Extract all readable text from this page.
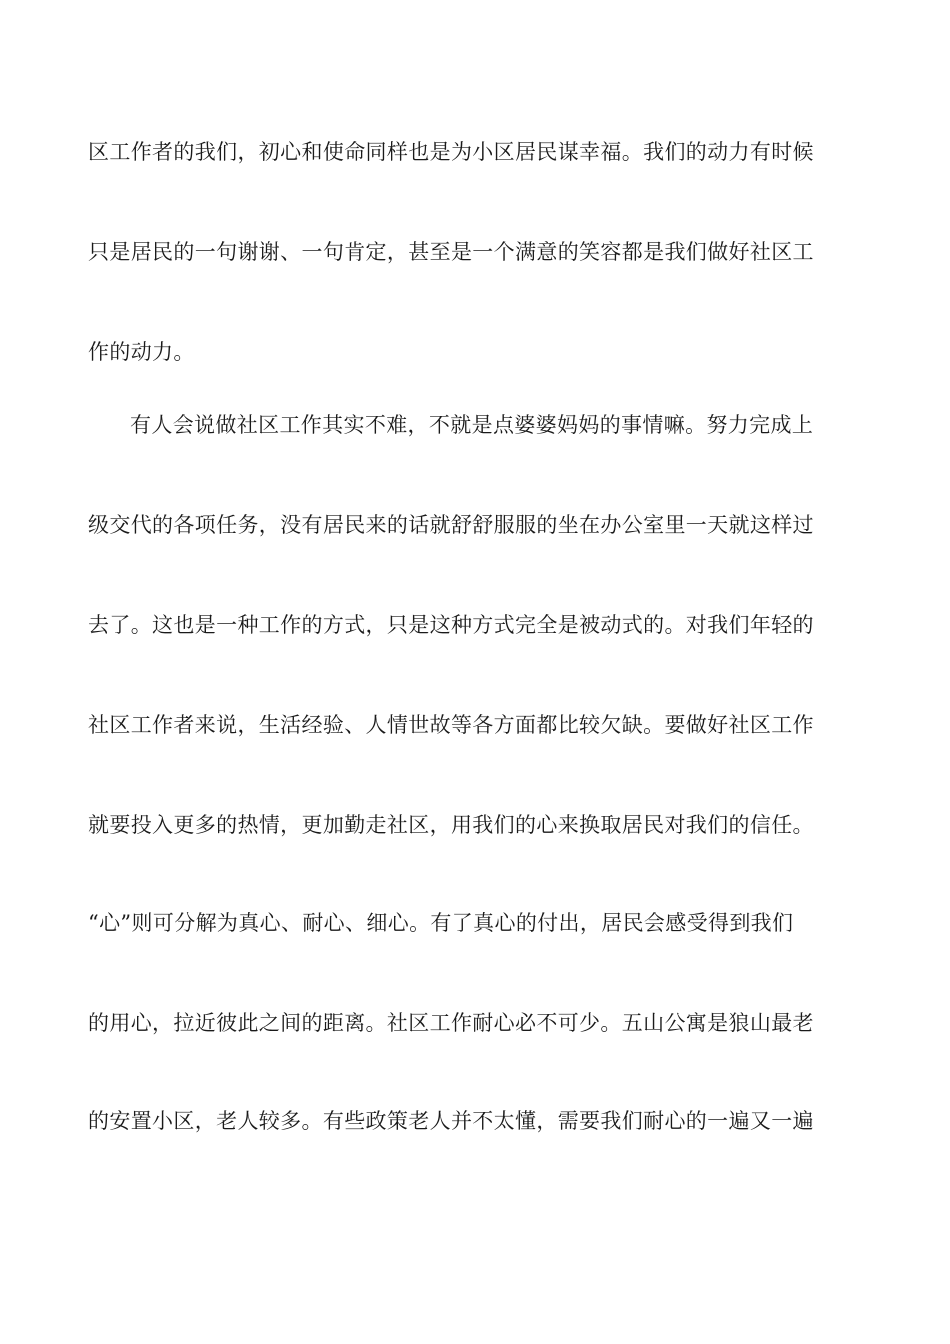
区工作者的我们，初心和使命同样也是为小区居民谋幸福。我们的动力有时候
只是居民的一句谢谢、一句肯定，甚至是一个满意的笑容都是我们做好社区工
作的动力。
有人会说做社区工作其实不难，不就是点婆婆妈妈的事情嘛。努力完成上
级交代的各项任务，没有居民来的话就舒舒服服的坐在办公室里一天就这样过
去了。这也是一种工作的方式，只是这种方式完全是被动式的。对我们年轻的
社区工作者来说，生活经验、人情世故等各方面都比较欠缺。要做好社区工作
就要投入更多的热情，更加勤走社区，用我们的心来换取居民对我们的信任。
“心”则可分解为真心、耐心、细心。有了真心的付出，居民会感受得到我们
的用心，拉近彼此之间的距离。社区工作耐心必不可少。五山公寓是狼山最老
的安置小区，老人较多。有些政策老人并不太懂，需要我们耐心的一遍又一遍
